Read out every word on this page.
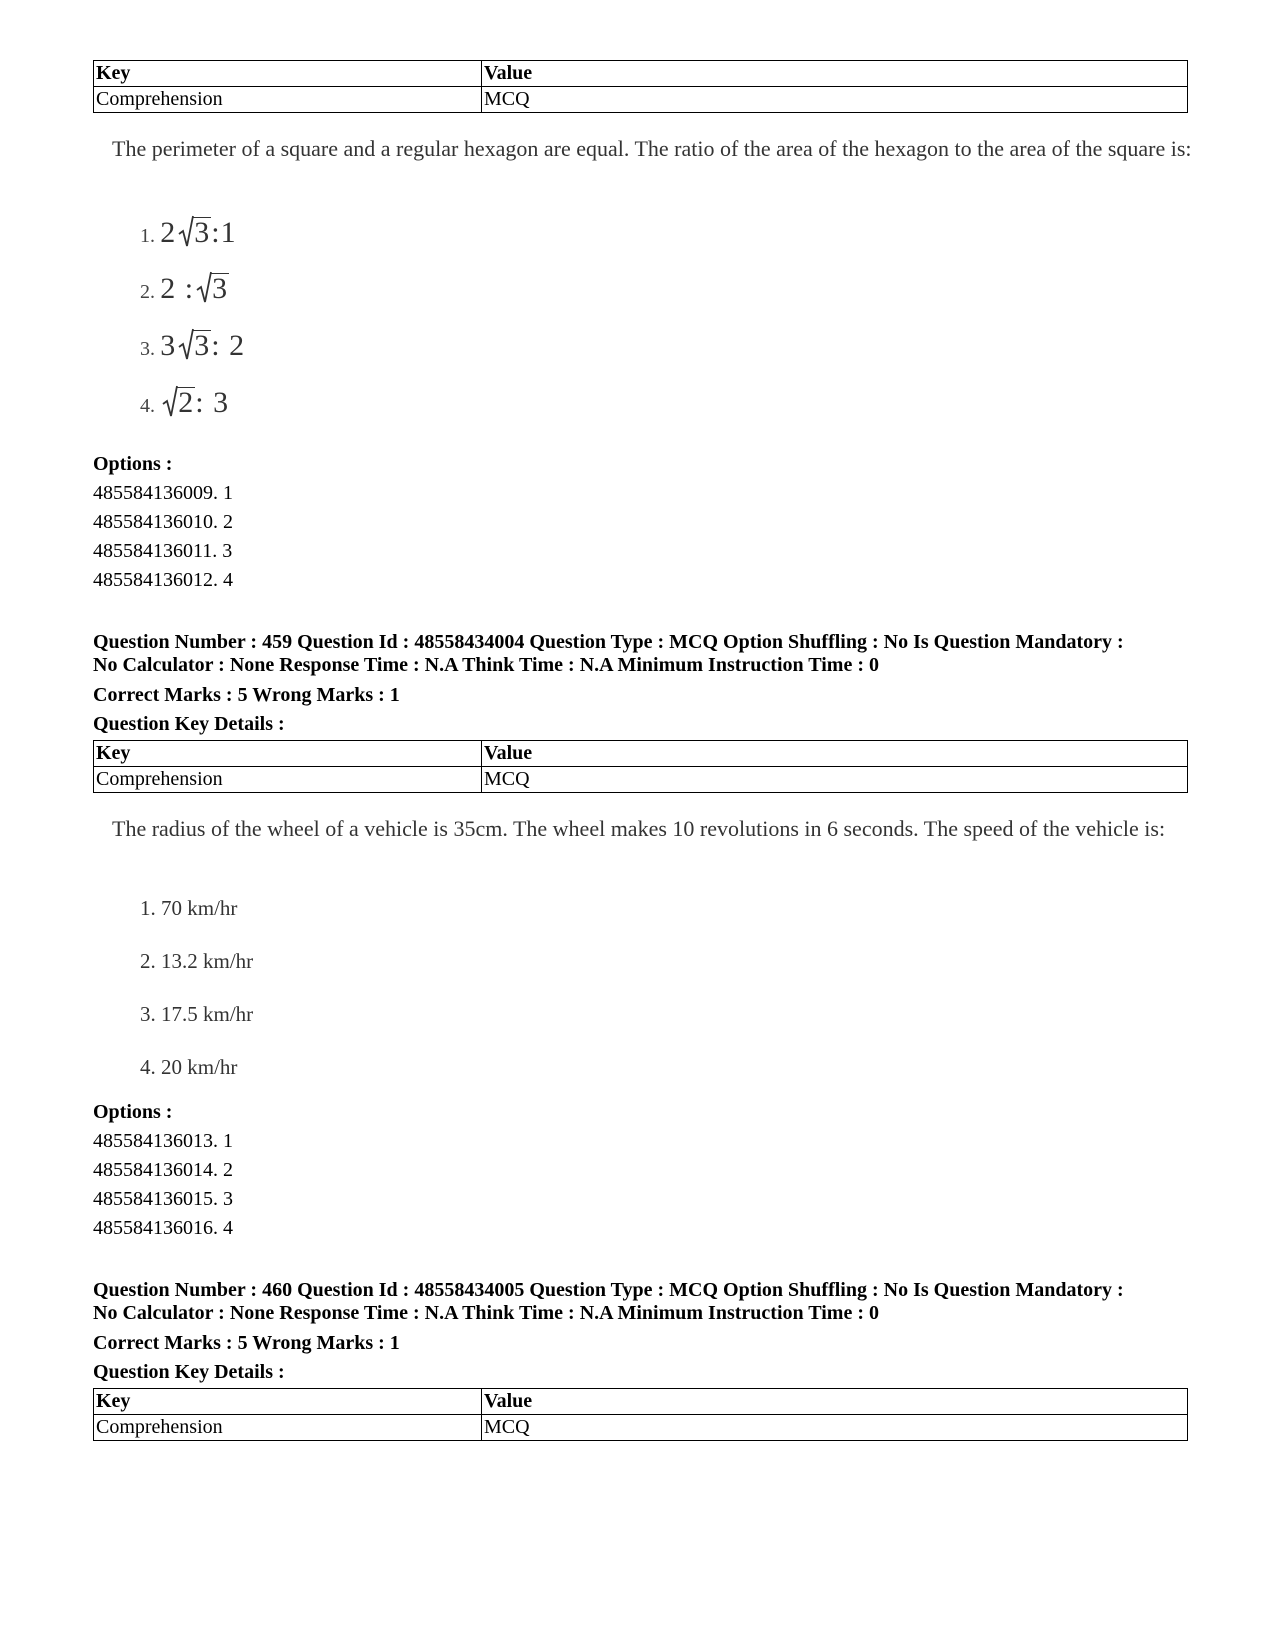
Key	Value
Comprehension	MCQ

The perimeter of a square and a regular hexagon are equal. The ratio of the area of the hexagon to the area of the square is:

1. 2 3:1
2. 2 : 3
3. 3 3: 2
4. 2: 3
Options :
485584136009. 1
485584136010. 2
485584136011. 3
485584136012. 4
Question Number : 459 Question Id : 48558434004 Question Type : MCQ Option Shuffling : No Is Question Mandatory :
No Calculator : None Response Time : N.A Think Time : N.A Minimum Instruction Time : 0
Correct Marks : 5 Wrong Marks : 1
Question Key Details :
Key	Value
Comprehension	MCQ

The radius of the wheel of a vehicle is 35cm. The wheel makes 10 revolutions in 6 seconds. The speed of the vehicle is:

1. 70 km/hr
2. 13.2 km/hr
3. 17.5 km/hr
4. 20 km/hr
Options :
485584136013. 1
485584136014. 2
485584136015. 3
485584136016. 4
Question Number : 460 Question Id : 48558434005 Question Type : MCQ Option Shuffling : No Is Question Mandatory :
No Calculator : None Response Time : N.A Think Time : N.A Minimum Instruction Time : 0
Correct Marks : 5 Wrong Marks : 1
Question Key Details :
Key	Value
Comprehension	MCQ
